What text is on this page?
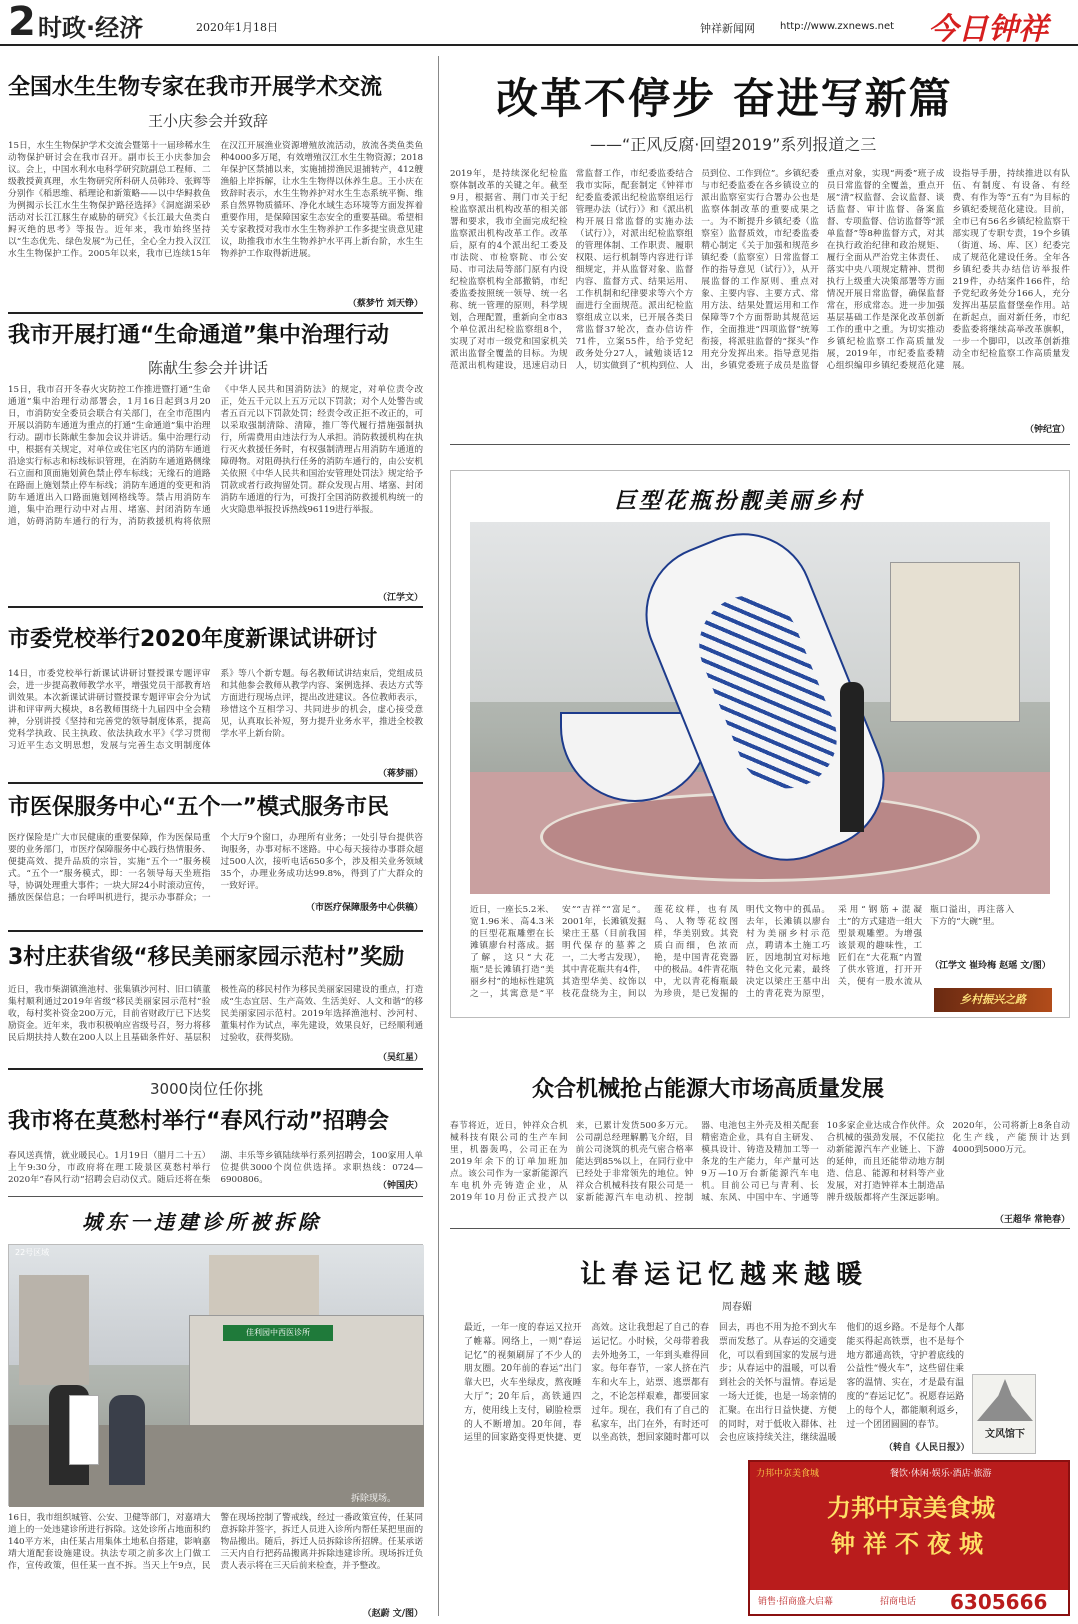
2 时政·经济	2020年1月18日	钟祥新闻网	http://www.zxnews.net 今日钟祥
全国水生生物专家在我市开展学术交流
王小庆参会并致辞
15日，水生生物保护学术交流会暨第十一届珍稀水生动物保护研讨会在我市召开。副市长王小庆参加会议。会上，中国水利水电科学研究院副总工程师、二级教授黄真理，水生物研究所科研人员韩玲、张辉等分别作《稻思维、稻理论和新策略——以中华鲟救鱼为例揭示长江水生生物保护路径选择》《洞庭湖采砂活动对长江江豚生存威胁的研究》《长江最大鱼类白鲟灭绝的思考》等报告。近年来，我市始终坚持以“生态优先、绿色发展”为己任，全心全力投入汉江水生生物保护工作。2005年以来，我市已连续15年在汉江开展渔业资源增殖放流活动，放流各类鱼类鱼种4000多万尾，有效增殖汉江水生生物资源；2018年保护区禁捕以来，实施捕捞渔民退捕转产，412艘渔船上岸拆解，让水生生物得以休养生息。王小庆在致辞时表示，水生生物养护对水生生态系统平衡、维系自然界物质循环、净化水域生态环境等方面发挥着重要作用，是保障国家生态安全的重要基础。希望相关专家教授对我市水生生物养护工作多提宝贵意见建议，助推我市水生生物养护水平再上新台阶，水生生物养护工作取得新进展。
（蔡梦竹 刘天铮）
我市开展打通“生命通道”集中治理行动
陈献生参会并讲话
15日，我市召开冬春火灾防控工作推进暨打通“生命通道”集中治理行动部署会，1月16日起到3月20日，市消防安全委员会联合有关部门，在全市范围内开展以消防车通道为重点的打通“生命通道”集中治理行动。副市长陈献生参加会议并讲话。集中治理行动中，根据有关规定，对单位或住宅区内的消防车通道沿途实行标志和标线标识管理，在消防车通道路侧缘石立面和顶面施划黄色禁止停车标线；无缘石的道路在路面上施划禁止停车标线；消防车通道的变更和消防车通道出入口路面施划网格线等。禁占用消防车道，集中治理行动中对占用、堵塞、封闭消防车通道，妨碍消防车通行的行为，消防救援机构将依照《中华人民共和国消防法》的规定，对单位责令改正，处五千元以上五万元以下罚款；对个人处警告或者五百元以下罚款处罚；经责令改正拒不改正的，可以采取强制清除、清障，推厂等代履行措施强制执行，所需费用由违法行为人承担。消防救援机构在执行灭火救援任务时，有权强制清理占用消防车通道的障碍物。对阻碍执行任务的消防车通行的，由公安机关依照《中华人民共和国治安管理处罚法》规定给予罚款或者行政拘留处罚。群众发现占用、堵塞、封闭消防车通道的行为，可拨打全国消防救援机构统一的火灾隐患举报投诉热线96119进行举报。
（江学文）
市委党校举行2020年度新课试讲研讨
14日，市委党校举行新课试讲研讨暨授课专题评审会，进一步提高教师教学水平，增强党员干部教育培训效果。本次新课试讲研讨暨授课专题评审会分为试讲和评审两大模块，8名教师围绕十九届四中全会精神，分别讲授《坚持和完善党的领导制度体系，提高党科学执政、民主执政、依法执政水平》《学习贯彻习近平生态文明思想，发展与完善生态文明制度体系》等八个新专题。每名教师试讲结束后，党组成员和其他参会教师从教学内容、案例选择、表达方式等方面进行现场点评，提出改进建议。各位教师表示，珍惜这个互相学习、共同进步的机会，虚心接受意见，认真取长补短，努力提升业务水平，推进全校教学水平上新台阶。
（蒋梦丽）
市医保服务中心“五个一”模式服务市民
医疗保险是广大市民健康的重要保障，作为医保局重要的业务部门，市医疗保障服务中心践行热情服务、便捷高效、提升品质的宗旨，实施“五个一”服务模式。“五个一”服务模式，即：一名领导每天坐班指导，协调处理重大事件；一块大屏24小时滚动宣传，播放医保信息；一台呼叫机进行，提示办事群众；一个大厅9个窗口，办理所有业务；一处引导台提供咨询服务，办事对标不迷路。中心每天接待办事群众超过500人次，接听电话650多个，涉及相关业务领域35个，办理业务成功达99.8%，得到了广大群众的一致好评。
（市医疗保障服务中心供稿）
3村庄获省级“移民美丽家园示范村”奖励
近日，我市柴湖镇渔池村、张集镇沙河村、旧口镇董集村顺利通过2019年省级“移民美丽家园示范村”验收，每村奖补资金200万元，目前省财政厅已下达奖励资金。近年来，我市积极响应省级号召，努力将移民后期扶持人数在200人以上且基础条件好、基层积极性高的移民村作为移民美丽家园建设的重点，打造成“生态宜居、生产高效、生活美好、人文和谐”的移民美丽家园示范村。2019年选择渔池村、沙河村、董集村作为试点，率先建设，效果良好，已经顺利通过验收，获得奖励。
（吴红星）
3000岗位任你挑
我市将在莫愁村举行“春风行动”招聘会
春风送真情，就业暖民心。1月19日（腊月二十五）上午9:30分，市政府将在理工陵景区莫愁村举行2020年“春风行动”招聘会启动仪式。随后还将在柴湖、丰乐等乡镇陆续举行系列招聘会，100家用人单位提供3000个岗位供选择。求职热线：0724—6900806。
（钟国庆）
城东一违建诊所被拆除
佳利园中西医诊所
22号区域
拆除现场。
16日，我市组织城管、公安、卫健等部门，对嘉靖大道上的一处违建诊所进行拆除。这处诊所占地面积约140平方米，由任某占用集体土地私自搭建，影响嘉靖大道配套设施建设。执法专项之前多次上门做工作，宣传政策，但任某一直不拆。当天上午9点，民警在现场控制了警戒线，经过一番政策宣传，任某同意拆除并签字，拆迁人员进入诊所内帮任某把里面的物品搬出。随后，拆迁人员拆除诊所招牌。任某承诺三天内自行把药品搬离并拆除违建诊所。现场拆迁负责人表示将在三天后前来检查，并予整改。
（赵蔚 文/图）
改革不停步 奋进写新篇
——“正风反腐·回望2019”系列报道之三
2019年，是持续深化纪检监察体制改革的关键之年。截至9月，根据省、荆门市关于纪检监察派出机构改革的相关部署和要求，我市全面完成纪检监察派出机构改革工作。改革后，原有的4个派出纪工委及市法院、市检察院、市公安局、市司法局等部门原有内设纪检监察机构全部撤销，市纪委监委按照统一领导、统一名称、统一管理的原则，科学规划，合理配置，重新向全市83个单位派出纪检监察组8个，实现了对市一级党和国家机关派出监督全覆盖的目标。为规范派出机构建设，迅速启动日常监督工作，市纪委监委结合我市实际，配套制定《钟祥市纪委监委派出纪检监察组运行管理办法（试行）》和《派出机构开展日常监督的实施办法（试行）》，对派出纪检监察组的管理体制、工作职责、履职权限、运行机制等内容进行详细规定，并从监督对象、监督内容、监督方式、结果运用、工作机制和纪律要求等六个方面进行全面规范。派出纪检监察组成立以来，已开展各类日常监督37轮次，查办信访件71件，立案55件，给予党纪政务处分27人，诫勉谈话12人，切实做到了“机构到位、人员到位、工作到位”。乡镇纪委与市纪委监委在各乡镇设立的派出监察室实行合署办公也是监察体制改革的重要成果之一。为不断提升乡镇纪委（监察室）监督质效，市纪委监委精心制定《关于加强和规范乡镇纪委（监察室）日常监督工作的指导意见（试行）》，从开展监督的工作原则、重点对象、主要内容、主要方式、常用方法、结果处置运用和工作保障等7个方面帮助其规范运作，全面推进“四项监督”统筹衔接，将派驻监督的“探头”作用充分发挥出来。指导意见指出，乡镇党委班子成员是监督重点对象，实现“两委”班子成员日常监督的全覆盖，重点开展“清”权监督、会议监督、谈话监督、审计监督、备案监督、专项监督、信访监督等“派单监督”等8种监督方式，对其在执行政治纪律和政治规矩、履行全面从严治党主体责任、落实中央八项规定精神、贯彻执行上级重大决策部署等方面情况开展日常监督，确保监督常在，形成常态。进一步加强基层基础工作是深化改革创新工作的重中之重。为切实推动乡镇纪检监察工作高质量发展，2019年，市纪委监委精心组织编印乡镇纪委规范化建设指导手册，持续推进以有队伍、有制度、有设备、有经费、有作为等“五有”为目标的乡镇纪委规范化建设。目前，全市已有56名乡镇纪检监察干部实现了专职专责，19个乡镇（街道、场、库、区）纪委完成了规范化建设任务。全年各乡镇纪委共办结信访举报件219件，办结案件166件，给予党纪政务处分166人，充分发挥出基层监督堡垒作用。站在新起点，面对新任务，市纪委监委将继续高举改革旗帜，一步一个脚印，以改革创新推动全市纪检监察工作高质量发展。
（钟纪宣）
巨型花瓶扮靓美丽乡村
近日，一座长5.2米、宽1.96米、高4.3米的巨型花瓶雕塑在长滩镇廖台村落成。据了解，这只“大花瓶”是长滩镇打造“美丽乡村”的地标性建筑之一，其寓意是“平安”“吉祥”“富足”。2001年，长滩镇发掘梁庄王墓（目前我国明代保存的墓葬之一，二大考古发现），其中青花瓶共有4件，其造型华美、纹饰以枝花盘绕为主，间以莲花纹样，也有凤鸟、人物等花纹图样，华美别致。其瓷质白而细，色浓而艳，是中国青花瓷器中的极品。4件青花瓶中，尤以青花梅瓶最为珍贵，是已发掘的明代文物中的孤品。去年，长滩镇以廖台村为美丽乡村示范点，聘请本土施工巧匠，因地制宜对标地特色文化元素，最终决定以梁庄王墓中出土的青花瓷为原型，采用“钢筋+混凝土”的方式建造一组大型景观雕塑。为增强该景观的趣味性，工匠们在“大花瓶”内置了供水管道，打开开关，便有一股水流从瓶口溢出，再注落入下方的“大碗”里。
（江学文 崔玲梅 赵瑶 文/图）
乡村振兴之路
众合机械抢占能源大市场高质量发展
春节将近，近日，钟祥众合机械科技有限公司的生产车间里，机器轰鸣，公司正在为2019年余下的订单加班加点。该公司作为一家新能源汽车电机外壳铸造企业，从2019年10月份正式投产以来，已累计发货500多万元。公司副总经理解鹏飞介绍，目前公司浇筑的机壳气密合格率能达到85%以上，在同行业中已经处于非常领先的地位。钟祥众合机械科技有限公司是一家新能源汽车电动机、控制器、电池包主外壳及相关配套精密造企业，具有自主研发、模具设计、铸造及精加工等一条龙的生产能力，年产量可达9万—10万台新能源汽车电机。目前公司已与青利、长城、东风、中国中车、宇通等10多家企业达成合作伙伴。众合机械的强劲发展，不仅能拉动新能源汽车产业链上、下游的延伸，而且还能带动地方制造、信息、能源和材料等产业发展，对打造钟祥本土制造品牌升级版都将产生深远影响。2020年，公司将新上8条自动化生产线，产能预计达到4000到5000万元。
（王超华 常艳春）
让春运记忆越来越暖
周春媚
最近，一年一度的春运又拉开了帷幕。网络上，一则“春运记忆”的视频刷屏了不少人的朋友圈。20年前的春运“出门靠大巴，火车坐绿皮，熬夜睡大厅”；20年后，高铁通四方，使用线上支付，刷脸检票的人不断增加。20年间，春运里的回家路变得更快捷、更高效。这让我想起了自己的春运记忆。小时候，父母带着我去外地务工，一年到头难得回家。每年春节，一家人挤在汽车和火车上，站票、逃票都有之，不论怎样艰难，都要回家过年。现在，我们有了自己的私家车，出门在外，有时还可以坐高铁，想回家随时都可以回去，再也不用为抢不到火车票而发愁了。从春运的交通变化，可以看到国家的发展与进步；从春运中的温暖，可以看到社会的关怀与温情。春运是一场大迁徙，也是一场亲情的汇聚。在出行日益快捷、方便的同时，对于低收入群体、社会也应该持续关注，继续温暖他们的返乡路。不是每个人都能买得起高铁票，也不是每个地方都通高铁，守护着底线的公益性“慢火车”，这些留住乘客的温情、实在，才是最有温度的“春运记忆”。祝愿春运路上的每个人，都能顺利返乡，过一个团团圆圆的春节。
（转自《人民日报》）
文风馆下
力邦中京美食城	餐饮·休闲·娱乐·酒店·旅游
力邦中京美食城
钟祥不夜城
销售·招商盛大启幕	招商电话 6305666
